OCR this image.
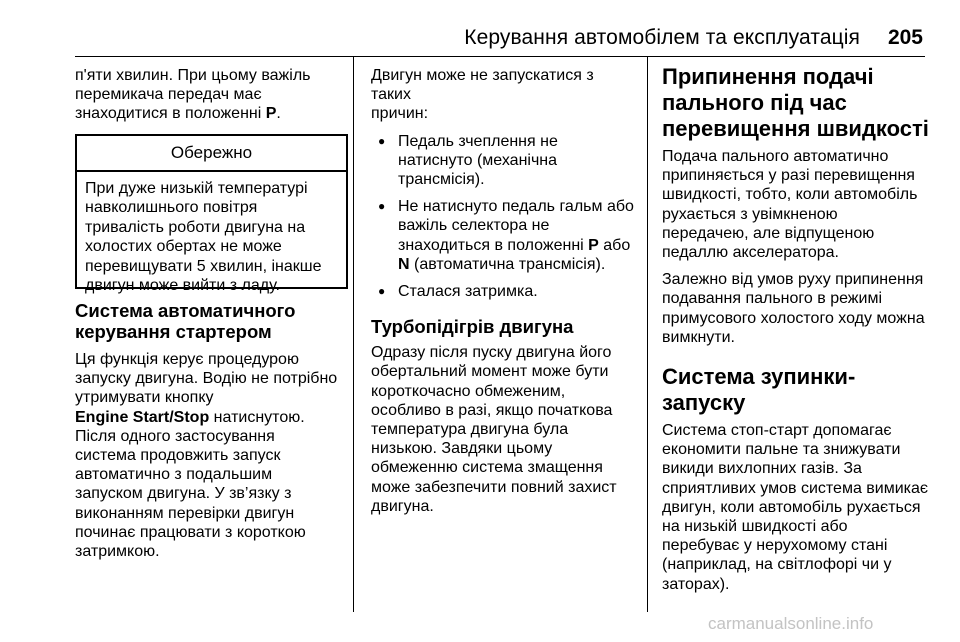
Керування автомобілем та експлуатація 205

п'яти хвилин. При цьому важіль
перемикача передач має
знаходитися в положенні P.

Обережно
При дуже низькій температурі
навколишнього повітря
тривалість роботи двигуна на
холостих обертах не може
перевищувати 5 хвилин, інакше
двигун може вийти з ладу.
Система автоматичного
керування стартером

Ця функція керує процедурою
запуску двигуна. Водію не потрібно
утримувати кнопку
Engine Start/Stop натиснутою.
Після одного застосування
система продовжить запуск
автоматично з подальшим
запуском двигуна. У зв’язку з
виконанням перевірки двигун
починає працювати з короткою
затримкою.

Двигун може не запускатися з таких
причин:

● Педаль зчеплення не
натиснуто (механічна
трансмісія).
● Не натиснуто педаль гальм або
важіль селектора не
знаходиться в положенні P або
N (автоматична трансмісія).
● Сталася затримка.
Турбопідігрів двигуна

Одразу після пуску двигуна його
обертальний момент може бути
короткочасно обмеженим,
особливо в разі, якщо початкова
температура двигуна була
низькою. Завдяки цьому
обмеженню система змащення
може забезпечити повний захист
двигуна.

Припинення подачі
пального під час
перевищення швидкості

Подача пального автоматично
припиняється у разі перевищення
швидкості, тобто, коли автомобіль
рухається з увімкненою
передачею, але відпущеною
педаллю акселератора.

Залежно від умов руху припинення
подавання пального в режимі
примусового холостого ходу можна
вимкнути.

Система зупинки-запуску

Система стоп-старт допомагає
економити пальне та знижувати
викиди вихлопних газів. За
сприятливих умов система вимикає
двигун, коли автомобіль рухається
на низькій швидкості або
перебуває у нерухомому стані
(наприклад, на світлофорі чи у
заторах).

carmanualsonline.info
